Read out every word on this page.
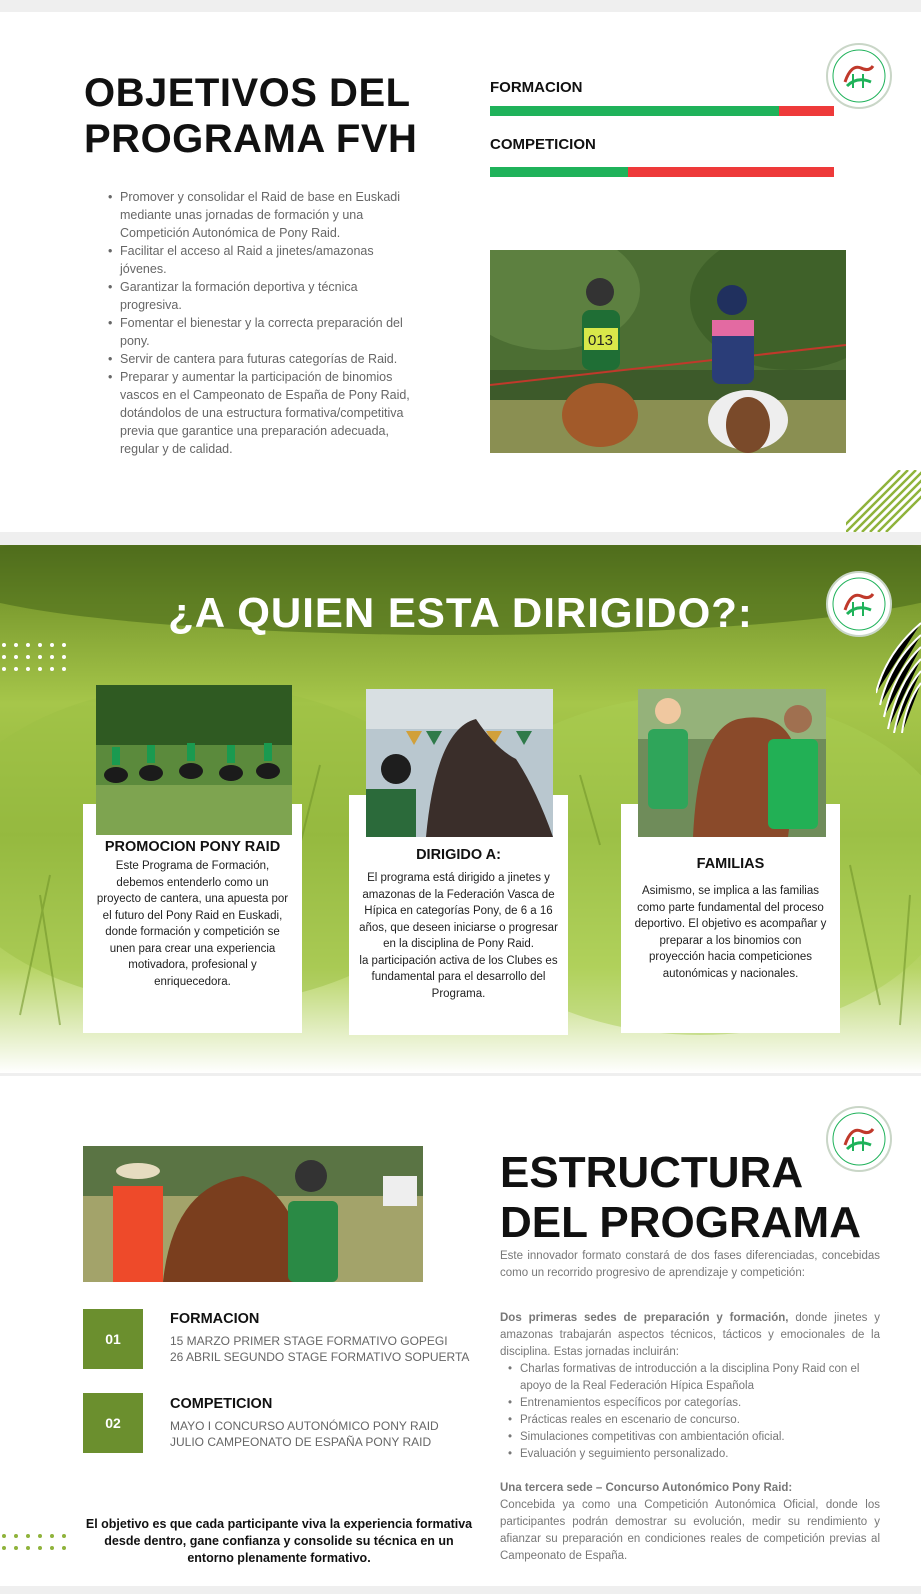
OBJETIVOS DEL
PROGRAMA FVH
FORMACION
COMPETICION
• Promover y consolidar el Raid de base en Euskadi mediante unas jornadas de formación y una Competición Autonómica de Pony Raid.
• Facilitar el acceso al Raid a jinetes/amazonas jóvenes.
• Garantizar la formación deportiva y técnica progresiva.
• Fomentar el bienestar y la correcta preparación del pony.
• Servir de cantera para futuras categorías de Raid.
• Preparar y aumentar la participación de binomios vascos en el Campeonato de España de Pony Raid, dotándolos de una estructura formativa/competitiva previa que garantice una preparación adecuada, regular y de calidad.
013
¿A QUIEN ESTA DIRIGIDO?:
PROMOCION PONY RAID

Este Programa de Formación, debemos entenderlo como un proyecto de cantera, una apuesta por el futuro del Pony Raid en Euskadi, donde formación y competición se unen para crear una experiencia motivadora, profesional y enriquecedora.

DIRIGIDO A:

El programa está dirigido a jinetes y amazonas de la Federación Vasca de Hípica en categorías Pony, de 6 a 16 años, que deseen iniciarse o progresar en la disciplina de Pony Raid.

la participación activa de los Clubes es fundamental para el desarrollo del Programa.

FAMILIAS

Asimismo, se implica a las familias como parte fundamental del proceso deportivo. El objetivo es acompañar y preparar a los binomios con proyección hacia competiciones autonómicas y nacionales.

01
FORMACION
15 MARZO PRIMER STAGE FORMATIVO GOPEGI
26 ABRIL SEGUNDO STAGE FORMATIVO SOPUERTA
02
COMPETICION
MAYO I CONCURSO AUTONÓMICO PONY RAID
JULIO CAMPEONATO DE ESPAÑA PONY RAID
El objetivo es que cada participante viva la experiencia formativa desde dentro, gane confianza y consolide su técnica en un entorno plenamente formativo.
ESTRUCTURA
DEL PROGRAMA
Este innovador formato constará de dos fases diferenciadas, concebidas como un recorrido progresivo de aprendizaje y competición:
Dos primeras sedes de preparación y formación, donde jinetes y amazonas trabajarán aspectos técnicos, tácticos y emocionales de la disciplina. Estas jornadas incluirán:
• Charlas formativas de introducción a la disciplina Pony Raid con el apoyo de la Real Federación Hípica Española
• Entrenamientos específicos por categorías.
• Prácticas reales en escenario de concurso.
• Simulaciones competitivas con ambientación oficial.
• Evaluación y seguimiento personalizado.
Una tercera sede – Concurso Autonómico Pony Raid:
Concebida ya como una Competición Autonómica Oficial, donde los participantes podrán demostrar su evolución, medir su rendimiento y afianzar su preparación en condiciones reales de competición previas al Campeonato de España.
